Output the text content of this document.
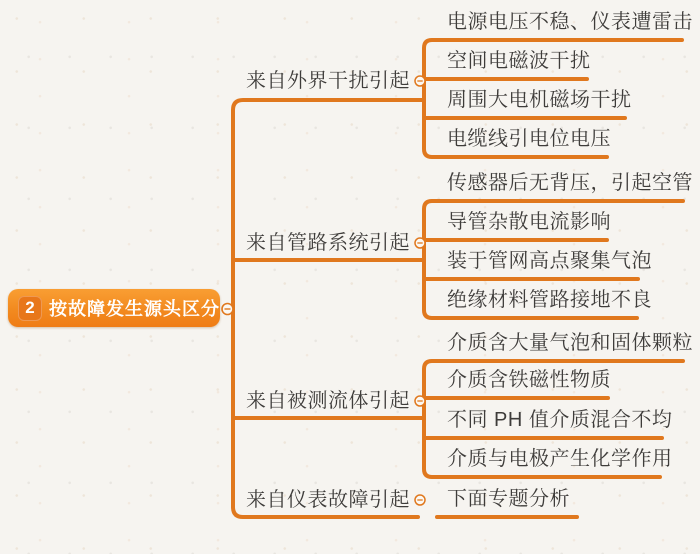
2 按故障发生源头区分
来自外界干扰引起
来自管路系统引起
来自被测流体引起
来自仪表故障引起
电源电压不稳、仪表遭雷击
空间电磁波干扰
周围大电机磁场干扰
电缆线引电位电压
传感器后无背压，引起空管
导管杂散电流影响
装于管网高点聚集气泡
绝缘材料管路接地不良
介质含大量气泡和固体颗粒
介质含铁磁性物质
不同 PH 值介质混合不均
介质与电极产生化学作用
下面专题分析
